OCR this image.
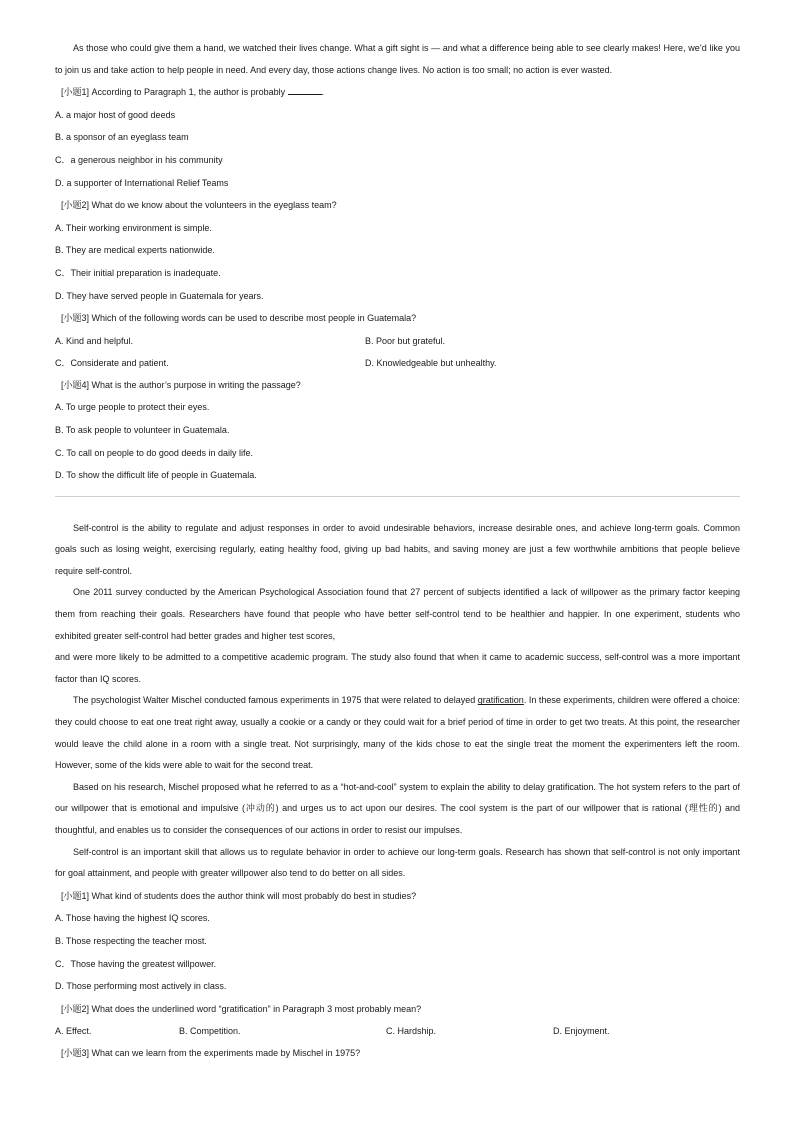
As those who could give them a hand, we watched their lives change. What a gift sight is — and what a difference being able to see clearly makes! Here, we’d like you to join us and take action to help people in need. And every day, those actions change lives. No action is too small; no action is ever wasted.

[小题1] According to Paragraph 1, the author is probably	.

A. a major host of good deeds

B. a sponsor of an eyeglass team

C．a generous neighbor in his community

D. a supporter of International Relief Teams

[小题2] What do we know about the volunteers in the eyeglass team?

A. Their working environment is simple.

B. They are medical experts nationwide.

C．Their initial preparation is inadequate.

D. They have served people in Guatemala for years.

[小题3] Which of the following words can be used to describe most people in Guatemala?

A. Kind and helpful.	B. Poor but grateful.
C．Considerate and patient.	D. Knowledgeable but unhealthy.

[小题4] What is the author’s purpose in writing the passage?

A. To urge people to protect their eyes.

B. To ask people to volunteer in Guatemala.

C. To call on people to do good deeds in daily life.

D. To show the difficult life of people in Guatemala.

Self-control is the ability to regulate and adjust responses in order to avoid undesirable behaviors, increase desirable ones, and achieve long-term goals. Common goals such as losing weight, exercising regularly, eating healthy food, giving up bad habits, and saving money are just a few worthwhile ambitions that people believe require self-control.

One 2011 survey conducted by the American Psychological Association found that 27 percent of subjects identified a lack of willpower as the primary factor keeping them from reaching their goals. Researchers have found that people who have better self-control tend to be healthier and happier. In one experiment, students who exhibited greater self-control had better grades and higher test scores,

and were more likely to be admitted to a competitive academic program. The study also found that when it came to academic success, self-control was a more important factor than IQ scores.

The psychologist Walter Mischel conducted famous experiments in 1975 that were related to delayed gratification. In these experiments, children were offered a choice: they could choose to eat one treat right away, usually a cookie or a candy or they could wait for a brief period of time in order to get two treats. At this point, the researcher would leave the child alone in a room with a single treat. Not surprisingly, many of the kids chose to eat the single treat the moment the experimenters left the room. However, some of the kids were able to wait for the second treat.

Based on his research, Mischel proposed what he referred to as a “hot-and-cool” system to explain the ability to delay gratification. The hot system refers to the part of our willpower that is emotional and impulsive (冲动的) and urges us to act upon our desires. The cool system is the part of our willpower that is rational (理性的) and thoughtful, and enables us to consider the consequences of our actions in order to resist our impulses.

Self-control is an important skill that allows us to regulate behavior in order to achieve our long-term goals. Research has shown that self-control is not only important for goal attainment, and people with greater willpower also tend to do better on all sides.

[小题1] What kind of students does the author think will most probably do best in studies?

A. Those having the highest IQ scores.

B. Those respecting the teacher most.

C．Those having the greatest willpower.

D. Those performing most actively in class.

[小题2] What does the underlined word “gratification” in Paragraph 3 most probably mean?

A. Effect.	B. Competition.	C. Hardship.	D. Enjoyment.

[小题3] What can we learn from the experiments made by Mischel in 1975?
